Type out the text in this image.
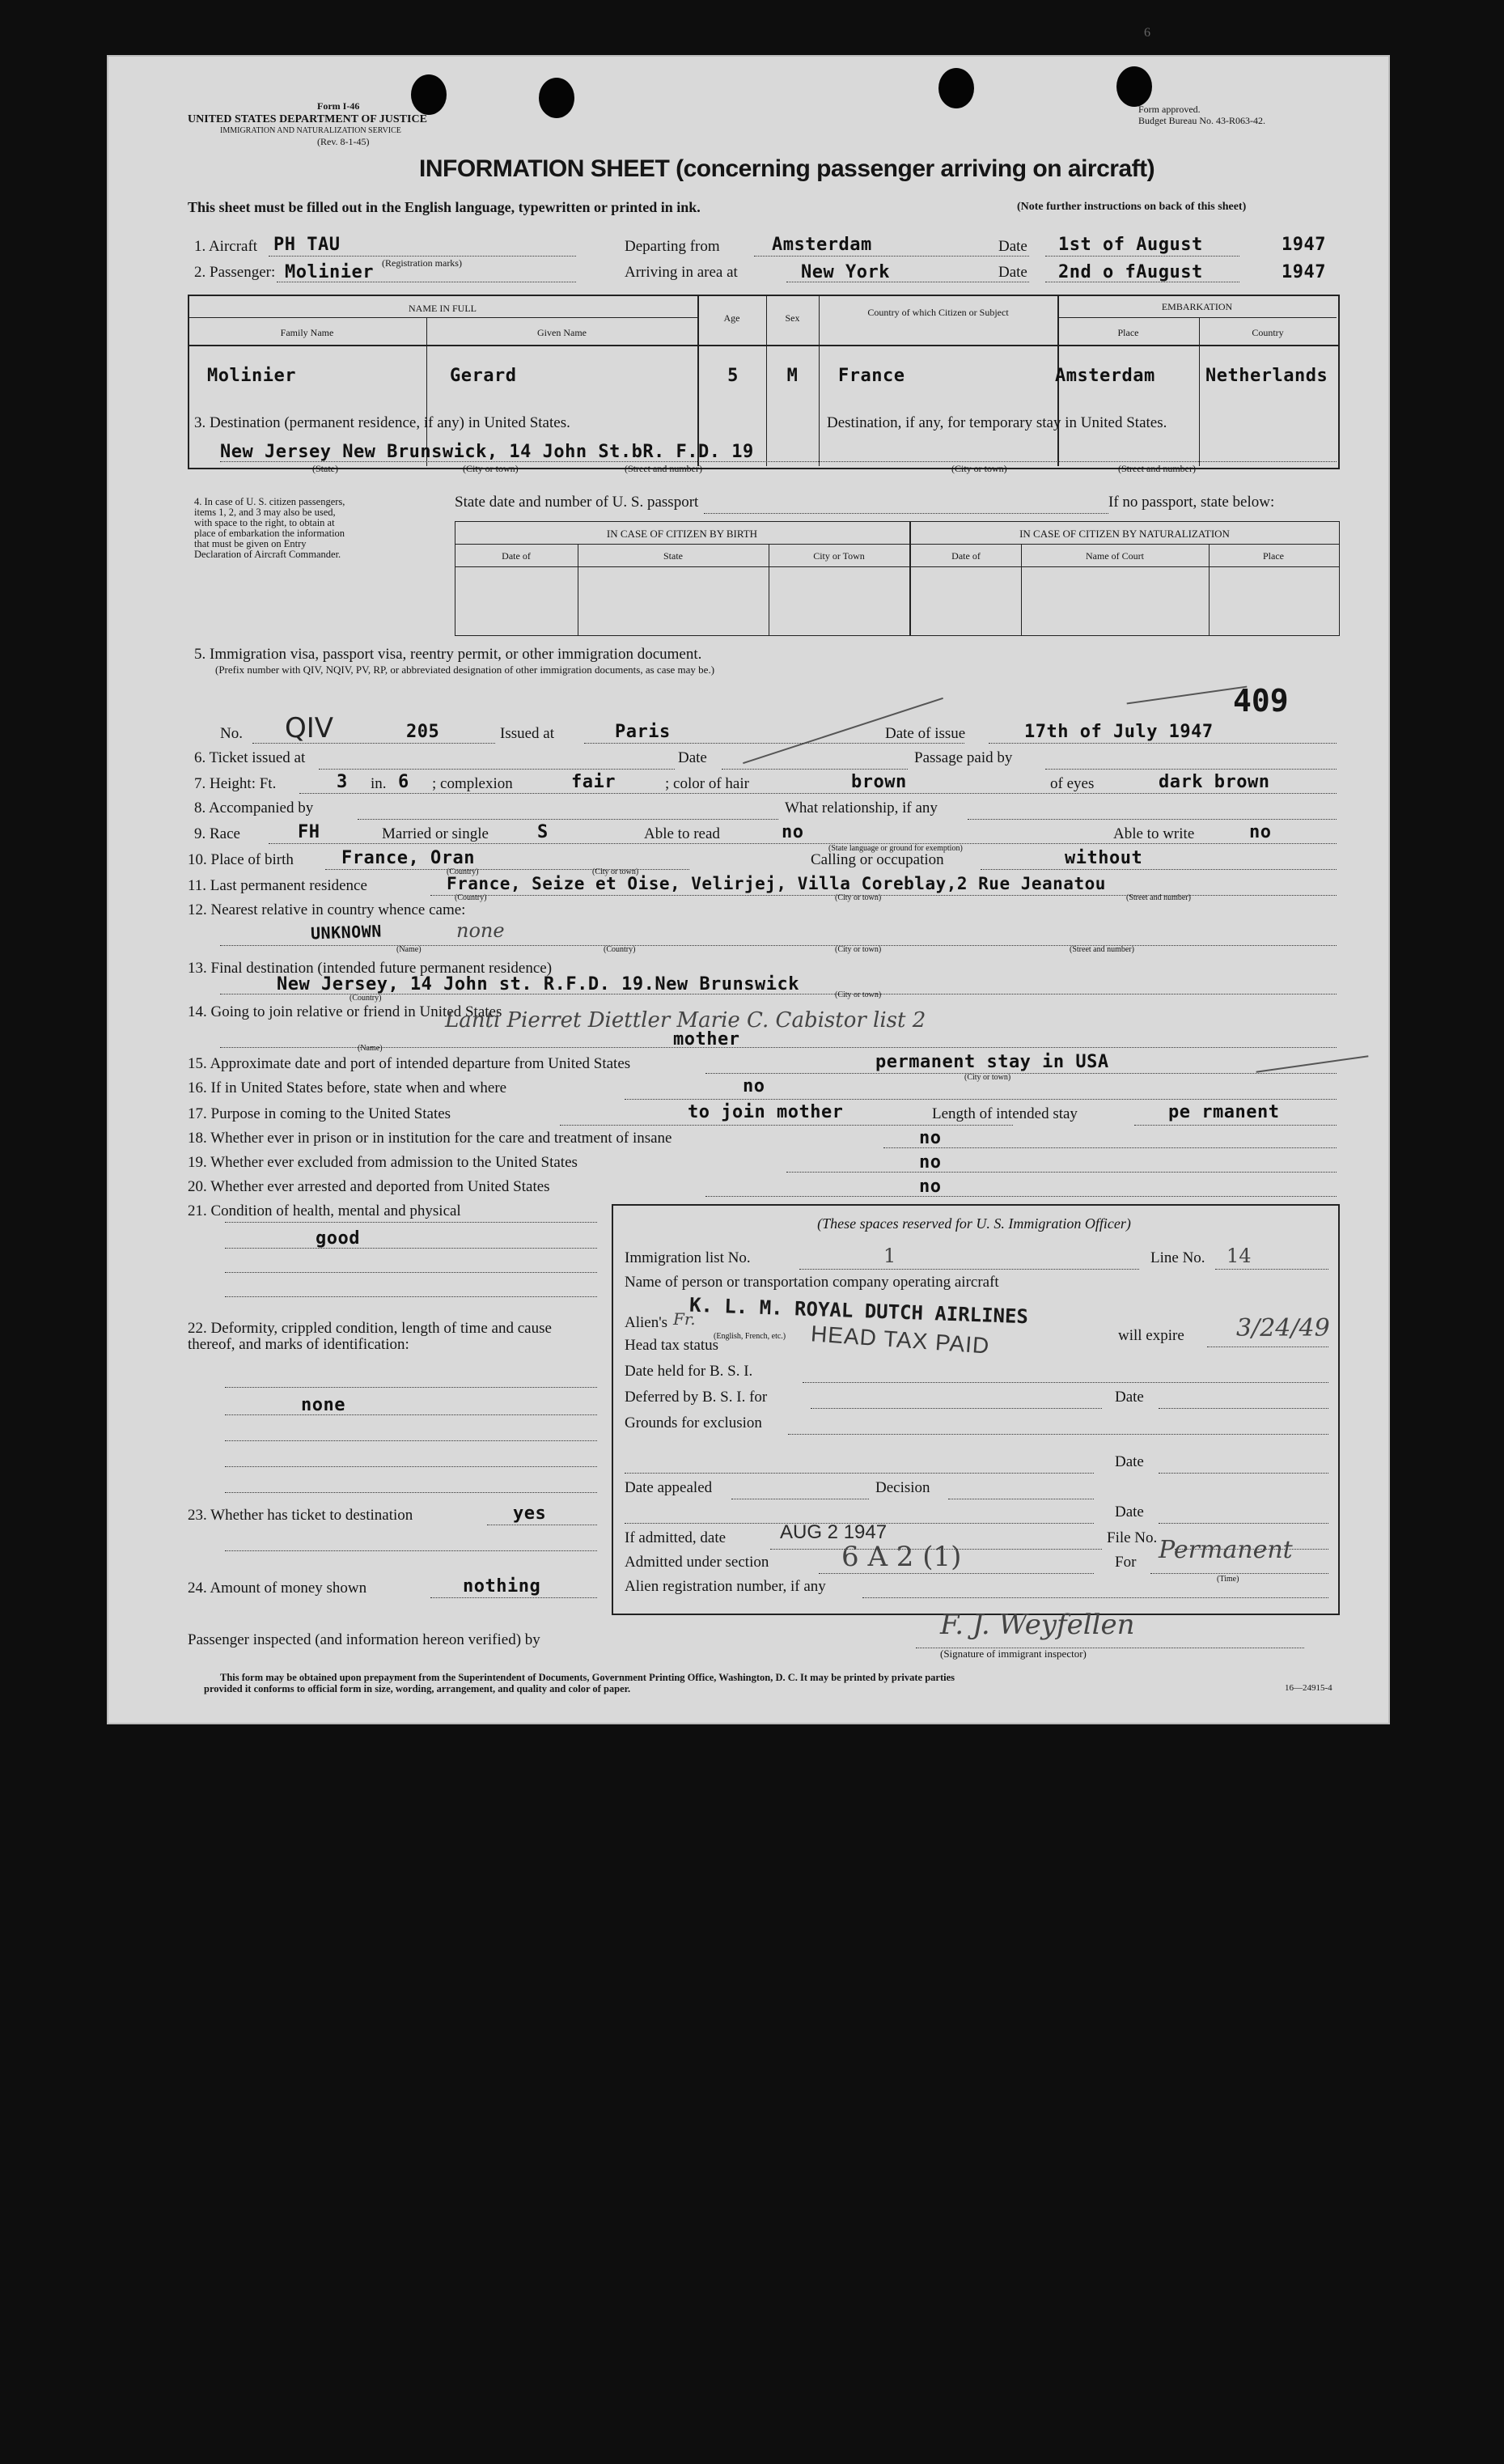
Form I-46
UNITED STATES DEPARTMENT OF JUSTICE
IMMIGRATION AND NATURALIZATION SERVICE
(Rev. 8-1-45)
Form approved.
Budget Bureau No. 43-R063-42.
6
INFORMATION SHEET (concerning passenger arriving on aircraft)
This sheet must be filled out in the English language, typewritten or printed in ink.	(Note further instructions on back of this sheet)
1. Aircraft PH TAU
(Registration marks)
Departing from	Amsterdam	Date 1st of August	1947
2. Passenger: Molinier	Arriving in area at	New York	Date 2nd o fAugust	1947
NAME IN FULL
Family Name	Given Name
Age	Sex	Country of which Citizen or Subject	EMBARKATION
Place	Country
Molinier	Gerard	5	M	France	Amsterdam	Netherlands
3. Destination (permanent residence, if any) in United States.	Destination, if any, for temporary stay in United States.
New Jersey New Brunswick, 14 John St.bR. F.D. 19
(State)	(City or town)	(Street and number)	(City or town)	(Street and number)
4. In case of U. S. citizen passengers, items 1, 2, and 3 may also be used, with space to the right, to obtain at place of embarkation the information that must be given on Entry Declaration of Aircraft Commander.
State date and number of U. S. passport	If no passport, state below:
IN CASE OF CITIZEN BY BIRTH	IN CASE OF CITIZEN BY NATURALIZATION
Date of	State	City or Town	Date of	Name of Court	Place
5. Immigration visa, passport visa, reentry permit, or other immigration document.
(Prefix number with QIV, NQIV, PV, RP, or abbreviated designation of other immigration documents, as case may be.)
409
No. QIV	205	Issued at	Paris	Date of issue	17th of July 1947
6. Ticket issued at	Date	Passage paid by
7. Height: Ft.	3 in. 6 ; complexion	fair	; color of hair	brown	of eyes	dark brown
8. Accompanied by	What relationship, if any
9. Race	FH	Married or single	S	Able to read	no
(State language or ground for exemption)
Able to write	no
10. Place of birth	France, Oran
(Country)	(City or town)
Calling or occupation	without
11. Last permanent residence	France, Seize et Oise, Velirjej, Villa Coreblay,2 Rue Jeanatou
(Country)	(City or town)	(Street and number)
12. Nearest relative in country whence came:
UNKNOWN	none
(Name)	(Country)	(City or town)	(Street and number)
13. Final destination (intended future permanent residence)
New Jersey, 14 John st. R.F.D. 19.New Brunswick
(Country)	(City or town)
14. Going to join relative or friend in United States
Lanti Pierret Diettler Marie C. Cabistor list 2
mother
(Name)
15. Approximate date and port of intended departure from United States	permanent stay in USA
(City or town)
16. If in United States before, state when and where	no
17. Purpose in coming to the United States	to join mother	Length of intended stay	pe rmanent
18. Whether ever in prison or in institution for the care and treatment of insane	no
19. Whether ever excluded from admission to the United States	no
20. Whether ever arrested and deported from United States	no
21. Condition of health, mental and physical
good
22. Deformity, crippled condition, length of time and cause thereof, and marks of identification:
none
23. Whether has ticket to destination	yes
24. Amount of money shown	nothing
(These spaces reserved for U. S. Immigration Officer)
Immigration list No.	1	Line No. 14
Name of person or transportation company operating aircraft
K. L. M. ROYAL DUTCH AIRLINES
Alien's Fr.
(English, French, etc.)	will expire 3/24/49
Head tax status	HEAD TAX PAID
Date held for B. S. I.
Deferred by B. S. I. for	Date
Grounds for exclusion
Date
Date appealed	Decision
Date
If admitted, date	AUG 2 1947	File No.
Admitted under section	6 A 2 (1)	For Permanent
(Time)
Alien registration number, if any
Passenger inspected (and information hereon verified) by	F. J. Weyfellen
(Signature of immigrant inspector)
This form may be obtained upon prepayment from the Superintendent of Documents, Government Printing Office, Washington, D. C. It may be printed by private parties
provided it conforms to official form in size, wording, arrangement, and quality and color of paper.	16—24915-4
